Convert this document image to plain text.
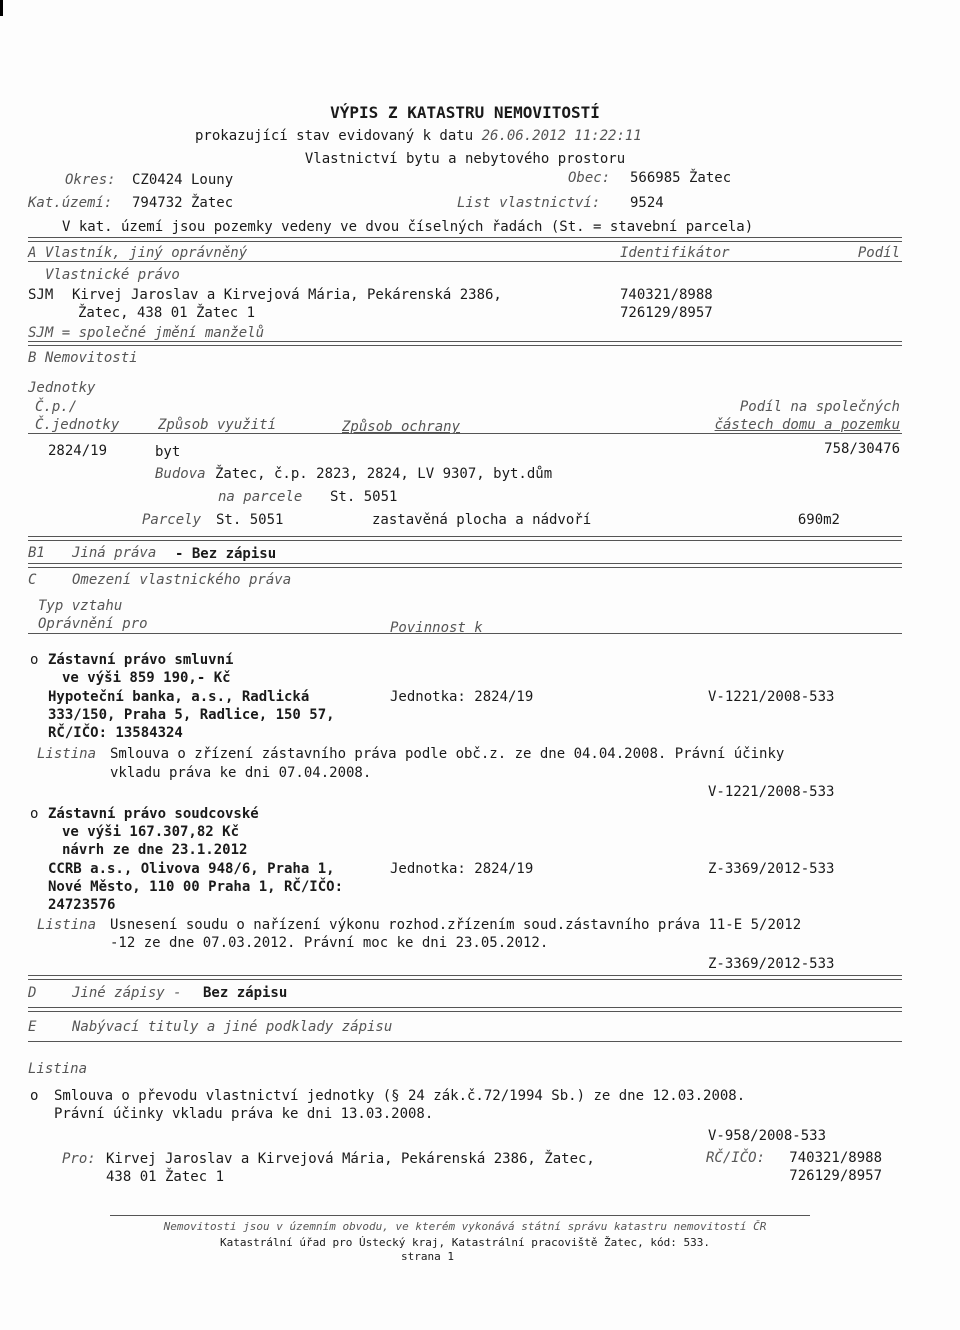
VÝPIS Z KATASTRU NEMOVITOSTÍ
prokazující stav evidovaný k datu 26.06.2012 11:22:11
Vlastnictví bytu a nebytového prostoru
Okres: CZ0424 Louny	Obec: 566985 Žatec
Kat.území: 794732 Žatec	List vlastnictví: 9524
V kat. území jsou pozemky vedeny ve dvou číselných řadách (St. = stavební parcela)
A Vlastník, jiný oprávněný	Identifikátor	Podíl
Vlastnické právo
SJM Kirvej Jaroslav a Kirvejová Mária, Pekárenská 2386,
Žatec, 438 01 Žatec 1
740321/8988
726129/8957
SJM = společné jmění manželů
B Nemovitosti
Jednotky
Č.p./
Č.jednotky	Způsob využití	Způsob ochrany
Podíl na společných
částech domu a pozemku
2824/19	byt	758/30476
Budova Žatec, č.p. 2823, 2824, LV 9307, byt.dům
na parcele St. 5051
Parcely St. 5051	zastavěná plocha a nádvoří	690m2
B1 Jiná práva - Bez zápisu
C	Omezení vlastnického práva
Typ vztahu
Oprávnění pro	Povinnost k
o Zástavní právo smluvní
ve výši 859 190,- Kč
Hypoteční banka, a.s., Radlická
333/150, Praha 5, Radlice, 150 57,
RČ/IČO: 13584324
Jednotka: 2824/19	V-1221/2008-533
Listina Smlouva o zřízení zástavního práva podle obč.z. ze dne 04.04.2008. Právní účinky
vkladu práva ke dni 07.04.2008.
V-1221/2008-533
o Zástavní právo soudcovské
ve výši 167.307,82 Kč
návrh ze dne 23.1.2012
CCRB a.s., Olivova 948/6, Praha 1,
Nové Město, 110 00 Praha 1, RČ/IČO:
24723576
Jednotka: 2824/19	Z-3369/2012-533
Listina Usnesení soudu o nařízení výkonu rozhod.zřízením soud.zástavního práva 11-E 5/2012
-12 ze dne 07.03.2012. Právní moc ke dni 23.05.2012.
Z-3369/2012-533
D	Jiné zápisy - Bez zápisu
E	Nabývací tituly a jiné podklady zápisu
Listina
o Smlouva o převodu vlastnictví jednotky (§ 24 zák.č.72/1994 Sb.) ze dne 12.03.2008.
Právní účinky vkladu práva ke dni 13.03.2008.
V-958/2008-533
Pro: Kirvej Jaroslav a Kirvejová Mária, Pekárenská 2386, Žatec,
438 01 Žatec 1
RČ/IČO:	740321/8988
726129/8957
Nemovitosti jsou v územním obvodu, ve kterém vykonává státní správu katastru nemovitostí ČR
Katastrální úřad pro Ústecký kraj, Katastrální pracoviště Žatec, kód: 533.
strana 1
